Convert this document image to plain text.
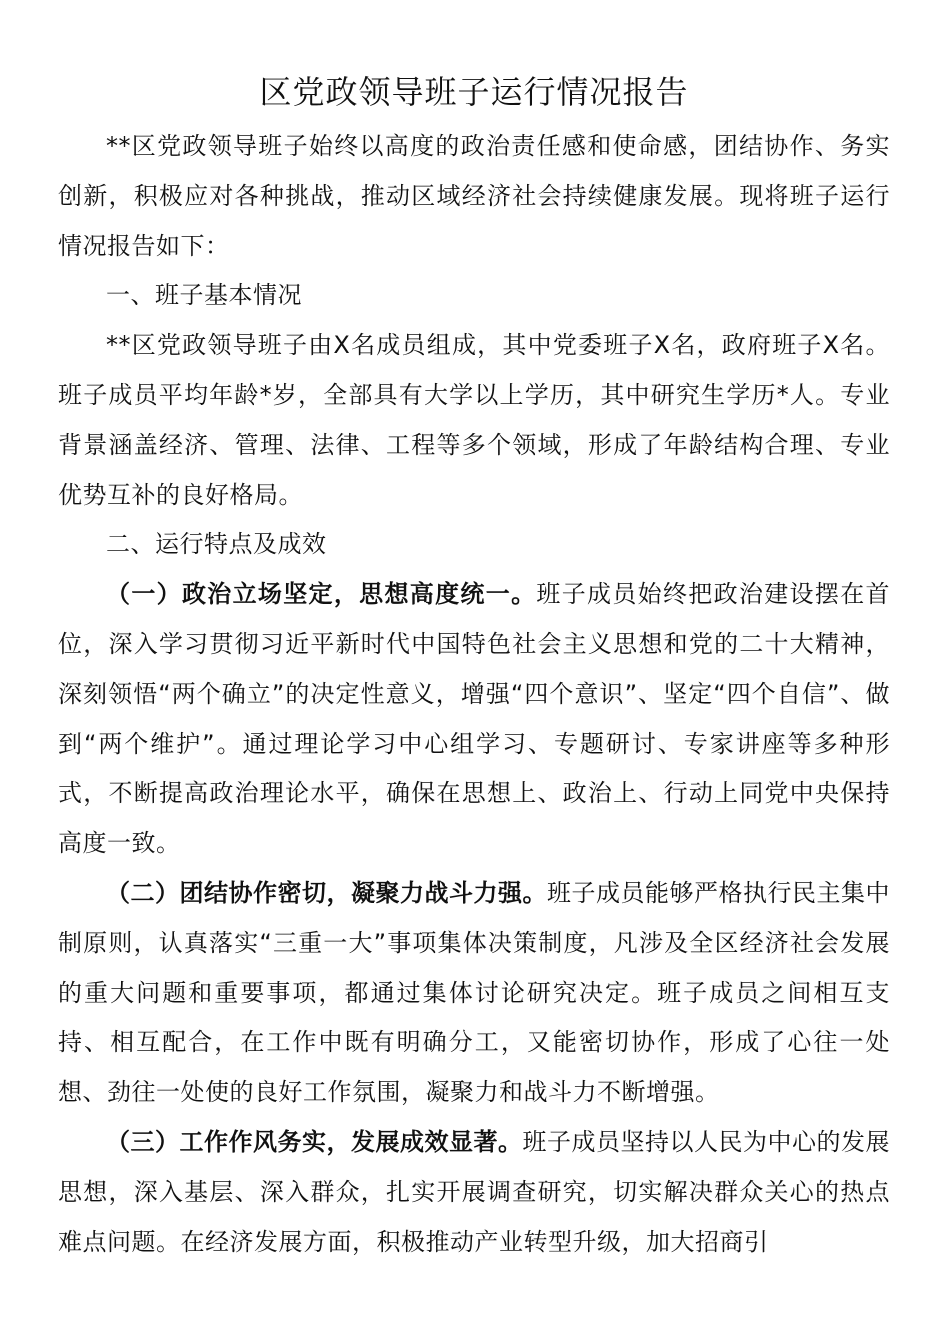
区党政领导班子运行情况报告

**区党政领导班子始终以高度的政治责任感和使命感，团结协作、务实创新，积极应对各种挑战，推动区域经济社会持续健康发展。现将班子运行情况报告如下：

一、班子基本情况

**区党政领导班子由X名成员组成，其中党委班子X名，政府班子X名。班子成员平均年龄*岁，全部具有大学以上学历，其中研究生学历*人。专业背景涵盖经济、管理、法律、工程等多个领域，形成了年龄结构合理、专业优势互补的良好格局。

二、运行特点及成效

（一）政治立场坚定，思想高度统一。班子成员始终把政治建设摆在首位，深入学习贯彻习近平新时代中国特色社会主义思想和党的二十大精神，深刻领悟“两个确立”的决定性意义，增强“四个意识”、坚定“四个自信”、做到“两个维护”。通过理论学习中心组学习、专题研讨、专家讲座等多种形式，不断提高政治理论水平，确保在思想上、政治上、行动上同党中央保持高度一致。

（二）团结协作密切，凝聚力战斗力强。班子成员能够严格执行民主集中制原则，认真落实“三重一大”事项集体决策制度，凡涉及全区经济社会发展的重大问题和重要事项，都通过集体讨论研究决定。班子成员之间相互支持、相互配合，在工作中既有明确分工，又能密切协作，形成了心往一处想、劲往一处使的良好工作氛围，凝聚力和战斗力不断增强。

（三）工作作风务实，发展成效显著。班子成员坚持以人民为中心的发展思想，深入基层、深入群众，扎实开展调查研究，切实解决群众关心的热点难点问题。在经济发展方面，积极推动产业转型升级，加大招商引
